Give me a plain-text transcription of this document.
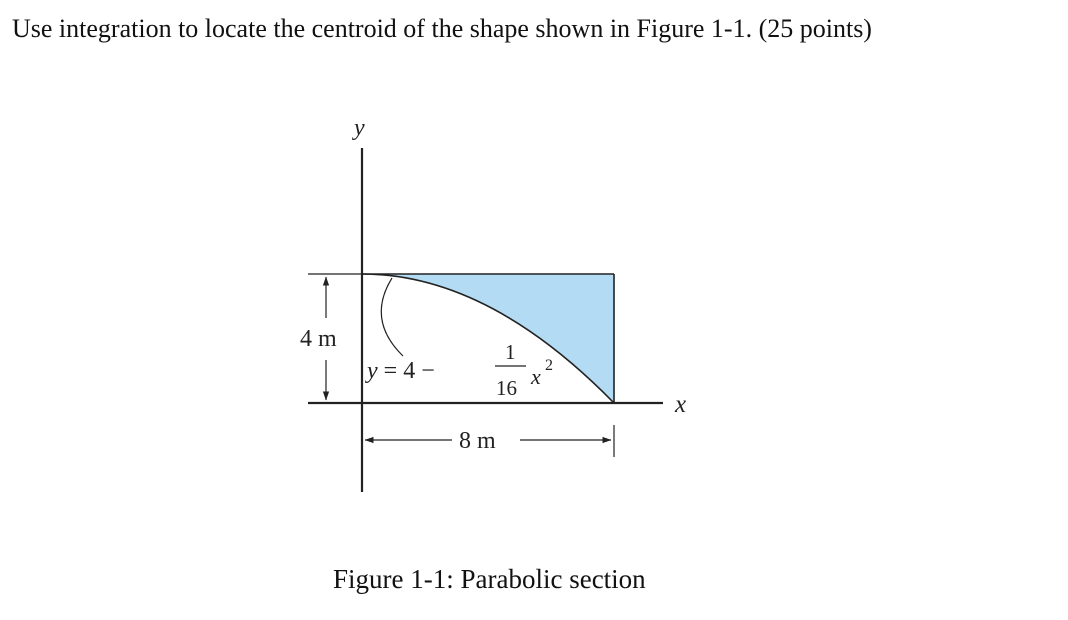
Use integration to locate the centroid of the shape shown in Figure 1-1. (25 points)
y
x
4 m
8 m
y = 4 −
1
16 x 2
Figure 1-1: Parabolic section
